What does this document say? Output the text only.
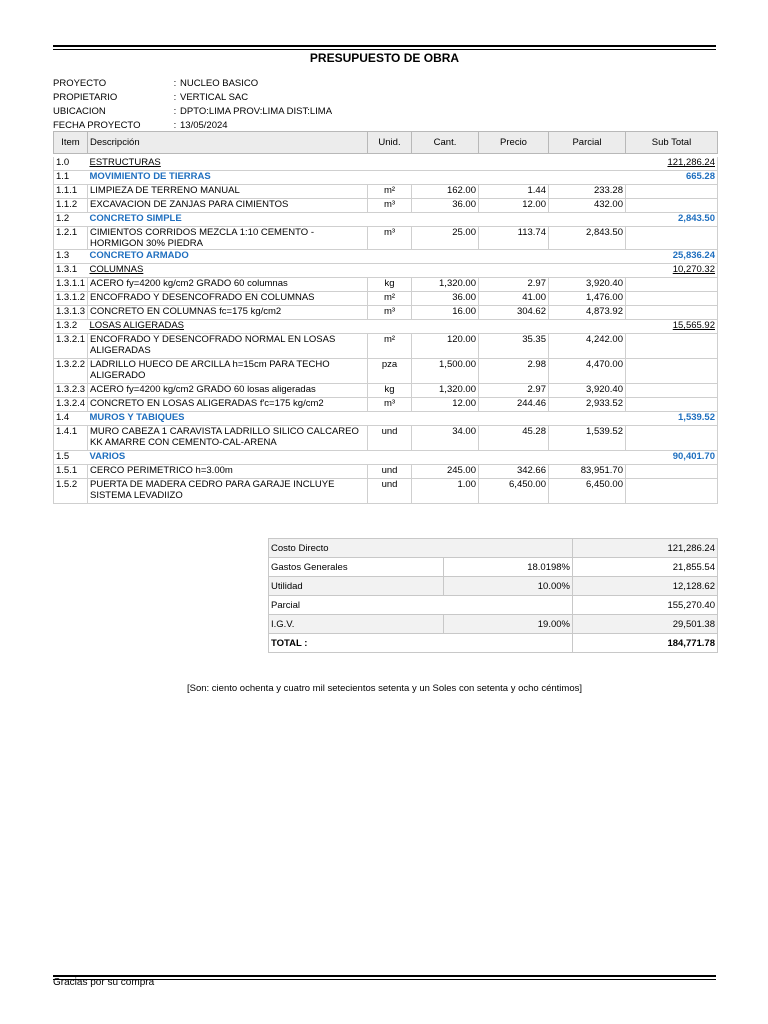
PRESUPUESTO DE OBRA
PROYECTO	: NUCLEO BASICO
PROPIETARIO	: VERTICAL SAC
UBICACION	: DPTO:LIMA PROV:LIMA DIST:LIMA
FECHA PROYECTO	: 13/05/2024
Item	Descripción	Unid.	Cant.	Precio	Parcial	Sub Total

1.0	ESTRUCTURAS					121,286.24
1.1	MOVIMIENTO DE TIERRAS					665.28
1.1.1	LIMPIEZA DE TERRENO MANUAL	m²	162.00	1.44	233.28	
1.1.2	EXCAVACION DE ZANJAS PARA CIMIENTOS	m³	36.00	12.00	432.00	
1.2	CONCRETO SIMPLE					2,843.50
1.2.1	CIMIENTOS CORRIDOS MEZCLA 1:10 CEMENTO - HORMIGON 30% PIEDRA	m³	25.00	113.74	2,843.50	
1.3	CONCRETO ARMADO					25,836.24
1.3.1	COLUMNAS					10,270.32
1.3.1.1	ACERO fy=4200 kg/cm2 GRADO 60 columnas	kg	1,320.00	2.97	3,920.40	
1.3.1.2	ENCOFRADO Y DESENCOFRADO EN COLUMNAS	m²	36.00	41.00	1,476.00	
1.3.1.3	CONCRETO EN COLUMNAS fc=175 kg/cm2	m³	16.00	304.62	4,873.92	
1.3.2	LOSAS ALIGERADAS					15,565.92
1.3.2.1	ENCOFRADO Y DESENCOFRADO NORMAL EN LOSAS ALIGERADAS	m²	120.00	35.35	4,242.00	
1.3.2.2	LADRILLO HUECO DE ARCILLA h=15cm PARA TECHO ALIGERADO	pza	1,500.00	2.98	4,470.00	
1.3.2.3	ACERO fy=4200 kg/cm2 GRADO 60 losas aligeradas	kg	1,320.00	2.97	3,920.40	
1.3.2.4	CONCRETO EN LOSAS ALIGERADAS f'c=175 kg/cm2	m³	12.00	244.46	2,933.52	
1.4	MUROS Y TABIQUES					1,539.52
1.4.1	MURO CABEZA 1 CARAVISTA LADRILLO SILICO CALCAREO KK AMARRE CON CEMENTO-CAL-ARENA	und	34.00	45.28	1,539.52	
1.5	VARIOS					90,401.70
1.5.1	CERCO PERIMETRICO h=3.00m	und	245.00	342.66	83,951.70	
1.5.2	PUERTA DE MADERA CEDRO PARA GARAJE INCLUYE SISTEMA LEVADIIZO	und	1.00	6,450.00	6,450.00	
Costo Directo		121,286.24
Gastos Generales	18.0198%	21,855.54
Utilidad	10.00%	12,128.62
Parcial		155,270.40
I.G.V.	19.00%	29,501.38
TOTAL :		184,771.78
[Son: ciento ochenta y cuatro mil setecientos setenta y un Soles con setenta y ocho céntimos]
Gracias por su compra
